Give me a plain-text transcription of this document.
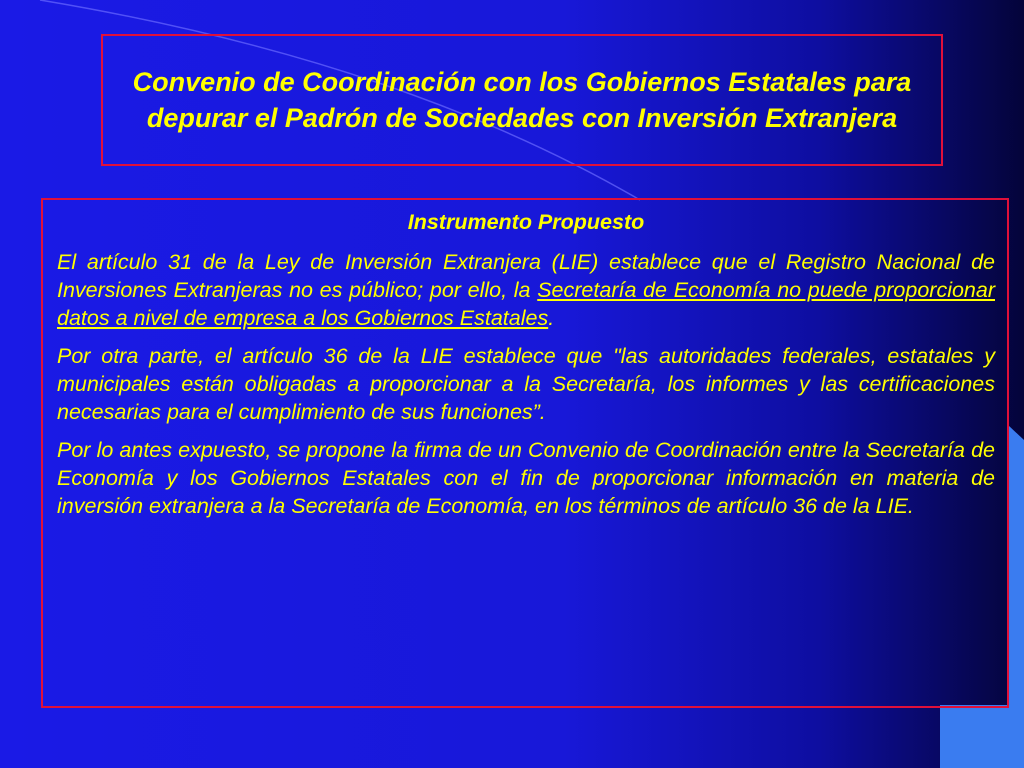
Convenio de Coordinación con los Gobiernos Estatales para depurar el Padrón de Sociedades con Inversión Extranjera

Instrumento Propuesto

El artículo 31 de la Ley de Inversión Extranjera (LIE) establece que el Registro Nacional de Inversiones Extranjeras no es público; por ello, la Secretaría de Economía no puede proporcionar datos a nivel de empresa a los Gobiernos Estatales.

Por otra parte, el artículo 36 de la LIE establece que "las autoridades federales, estatales y municipales están obligadas a proporcionar a la Secretaría, los informes y las certificaciones necesarias para el cumplimiento de sus funciones”.

Por lo antes expuesto, se propone la firma de un Convenio de Coordinación entre la Secretaría de Economía y los Gobiernos Estatales con el fin de proporcionar información en materia de inversión extranjera a la Secretaría de Economía, en los términos de artículo 36 de la LIE.
